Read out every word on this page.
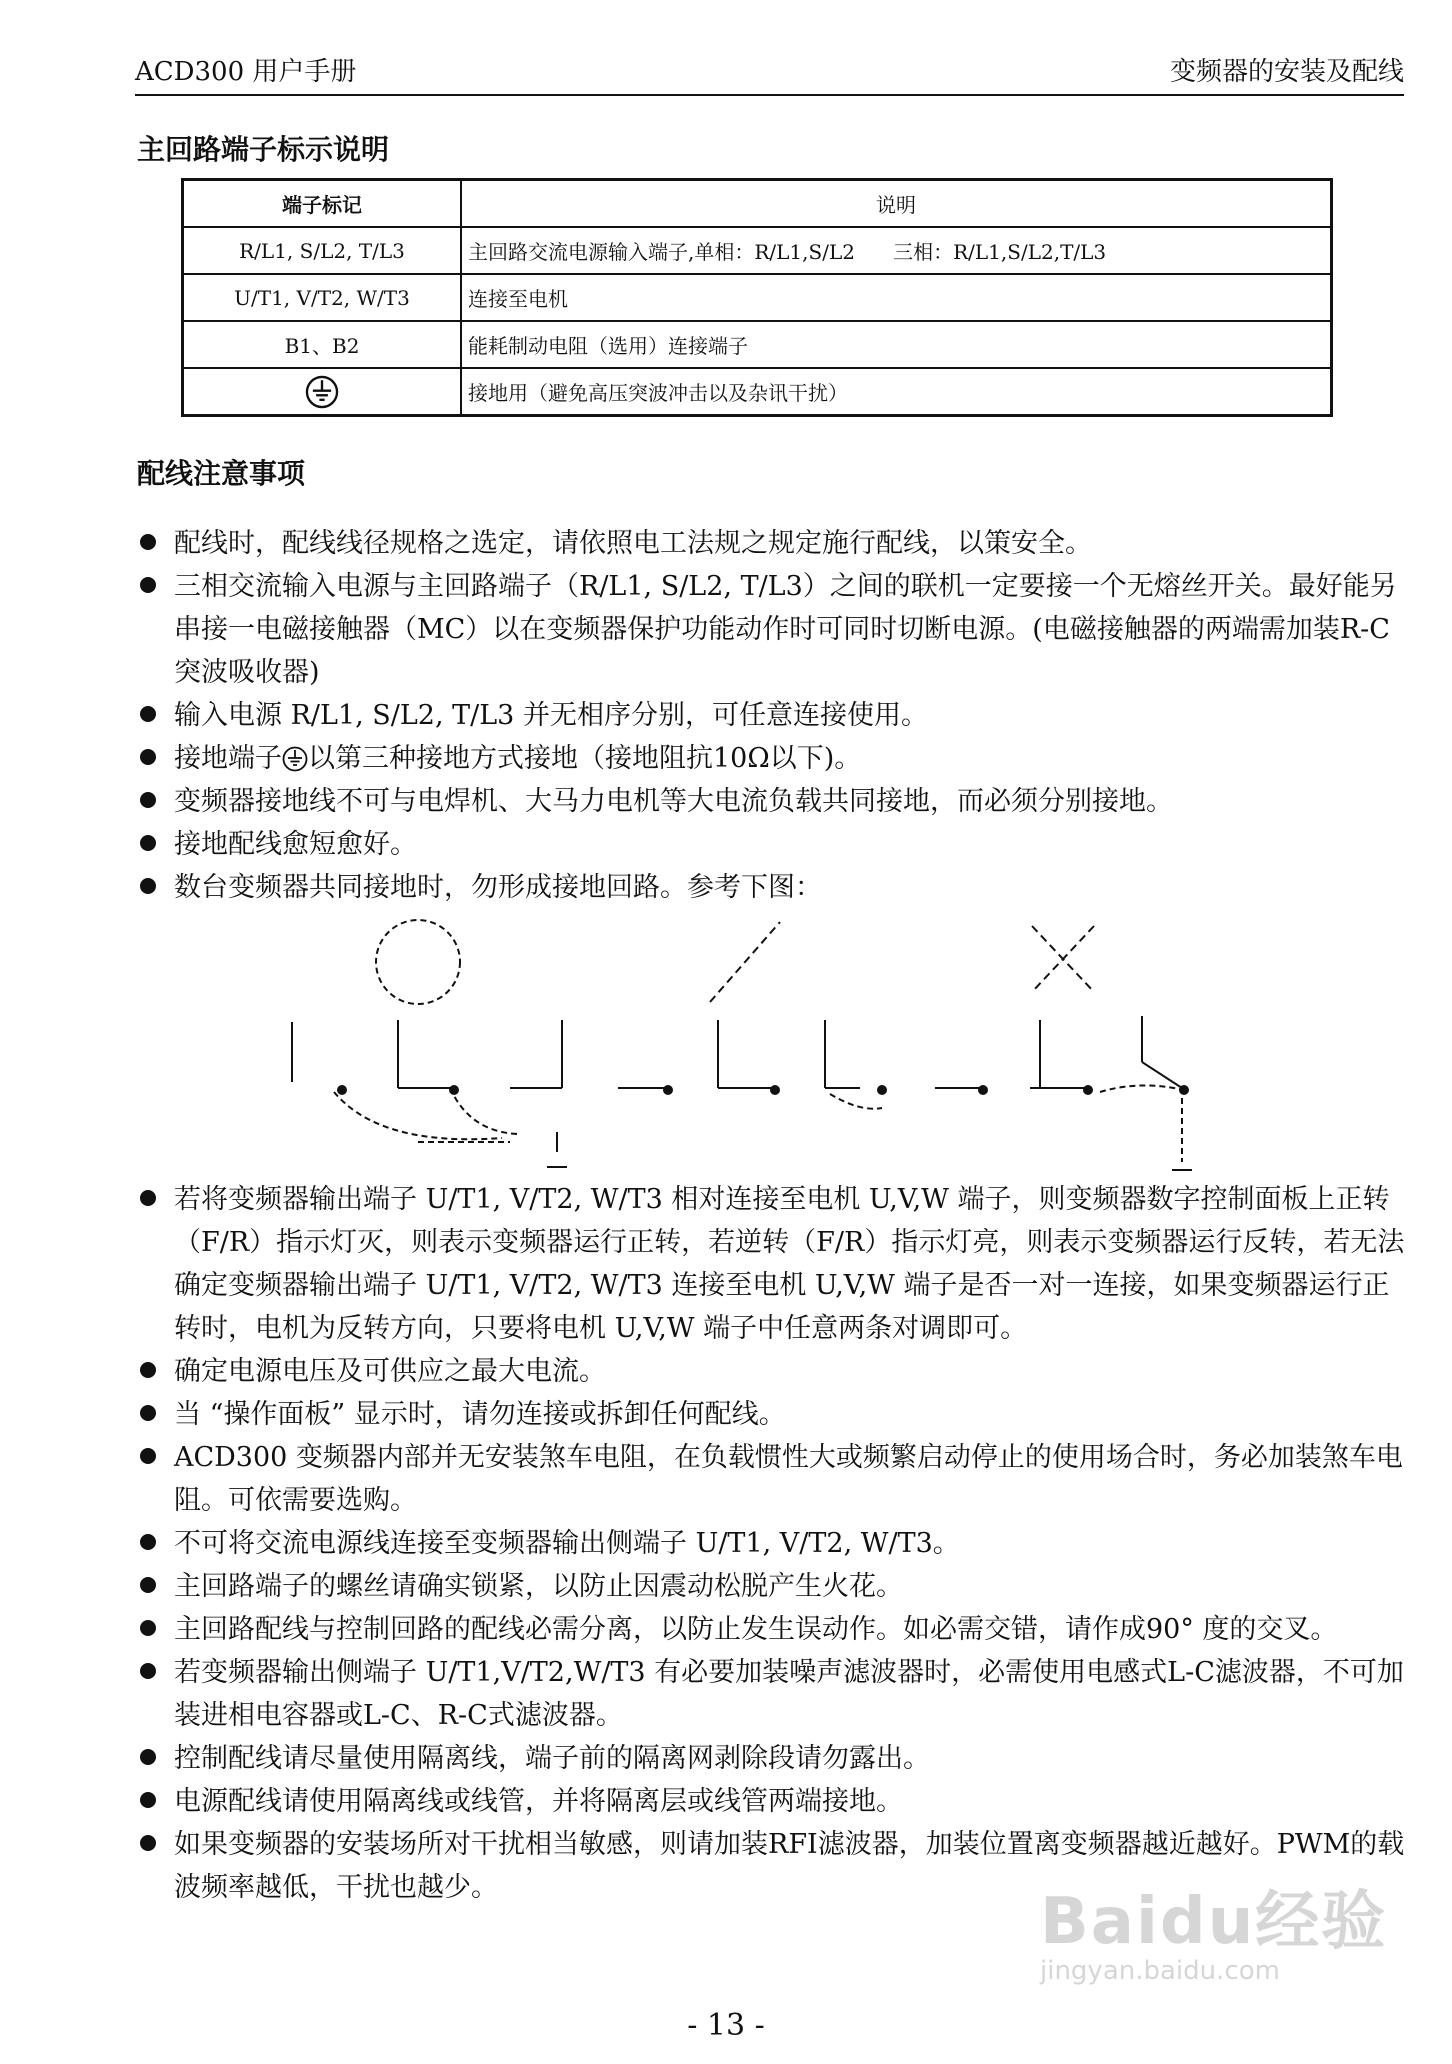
ACD300 用户手册	变频器的安装及配线
主回路端子标示说明
端子标记	说明
R/L1, S/L2, T/L3	主回路交流电源输入端子,单相：R/L1,S/L2      三相：R/L1,S/L2,T/L3
U/T1, V/T2, W/T3	连接至电机
B1、B2	能耗制动电阻（选用）连接端子
	接地用（避免高压突波冲击以及杂讯干扰）
配线注意事项
配线时，配线线径规格之选定，请依照电工法规之规定施行配线，以策安全。
三相交流输入电源与主回路端子（R/L1, S/L2, T/L3）之间的联机一定要接一个无熔丝开关。最好能另串接一电磁接触器（MC）以在变频器保护功能动作时可同时切断电源。(电磁接触器的两端需加装R-C 突波吸收器)
输入电源 R/L1, S/L2, T/L3 并无相序分别，可任意连接使用。
接地端子 以第三种接地方式接地（接地阻抗10Ω以下)。
变频器接地线不可与电焊机、大马力电机等大电流负载共同接地，而必须分别接地。
接地配线愈短愈好。
数台变频器共同接地时，勿形成接地回路。参考下图：
若将变频器输出端子 U/T1, V/T2, W/T3 相对连接至电机 U,V,W 端子，则变频器数字控制面板上正转（F/R）指示灯灭，则表示变频器运行正转，若逆转（F/R）指示灯亮，则表示变频器运行反转，若无法确定变频器输出端子 U/T1, V/T2, W/T3 连接至电机 U,V,W 端子是否一对一连接，如果变频器运行正转时，电机为反转方向，只要将电机 U,V,W 端子中任意两条对调即可。
确定电源电压及可供应之最大电流。
当 “操作面板” 显示时，请勿连接或拆卸任何配线。
ACD300 变频器内部并无安装煞车电阻，在负载惯性大或频繁启动停止的使用场合时，务必加装煞车电阻。可依需要选购。
不可将交流电源线连接至变频器输出侧端子 U/T1, V/T2, W/T3。
主回路端子的螺丝请确实锁紧，以防止因震动松脱产生火花。
主回路配线与控制回路的配线必需分离，以防止发生误动作。如必需交错，请作成90° 度的交叉。
若变频器输出侧端子 U/T1,V/T2,W/T3 有必要加装噪声滤波器时，必需使用电感式L-C滤波器，不可加装进相电容器或L-C、R-C式滤波器。
控制配线请尽量使用隔离线，端子前的隔离网剥除段请勿露出。
电源配线请使用隔离线或线管，并将隔离层或线管两端接地。
如果变频器的安装场所对干扰相当敏感，则请加装RFI滤波器，加装位置离变频器越近越好。PWM的载波频率越低，干扰也越少。	Baidu经验
jingyan.baidu.com
- 13 -
